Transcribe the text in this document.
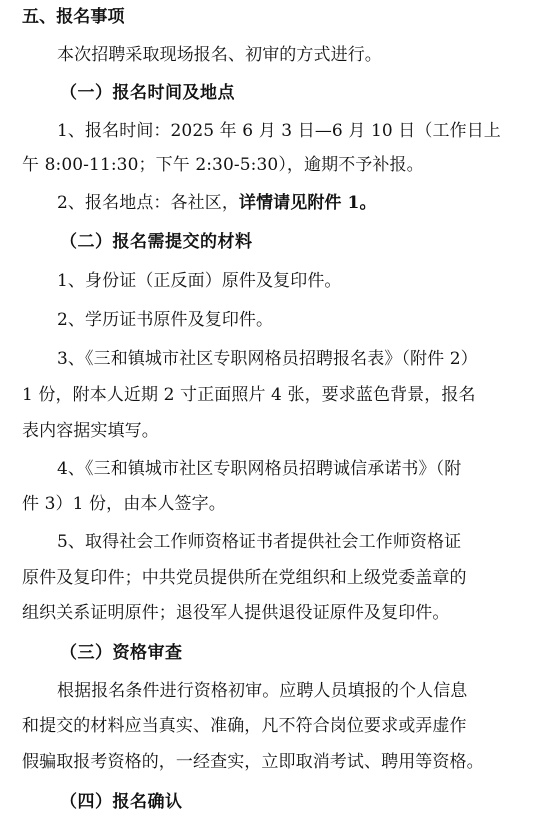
五、报名事项
本次招聘采取现场报名、初审的方式进行。
（一）报名时间及地点
1、报名时间：2025 年 6 月 3 日—6 月 10 日（工作日上
午 8:00-11:30；下午 2:30-5:30），逾期不予补报。
2、报名地点：各社区，详情请见附件 1。
（二）报名需提交的材料
1、身份证（正反面）原件及复印件。
2、学历证书原件及复印件。
3、《三和镇城市社区专职网格员招聘报名表》（附件 2）
1 份，附本人近期 2 寸正面照片 4 张，要求蓝色背景，报名
表内容据实填写。
4、《三和镇城市社区专职网格员招聘诚信承诺书》（附
件 3）1 份，由本人签字。
5、取得社会工作师资格证书者提供社会工作师资格证
原件及复印件；中共党员提供所在党组织和上级党委盖章的
组织关系证明原件；退役军人提供退役证原件及复印件。
（三）资格审查
根据报名条件进行资格初审。应聘人员填报的个人信息
和提交的材料应当真实、准确，凡不符合岗位要求或弄虚作
假骗取报考资格的，一经查实，立即取消考试、聘用等资格。
（四）报名确认
